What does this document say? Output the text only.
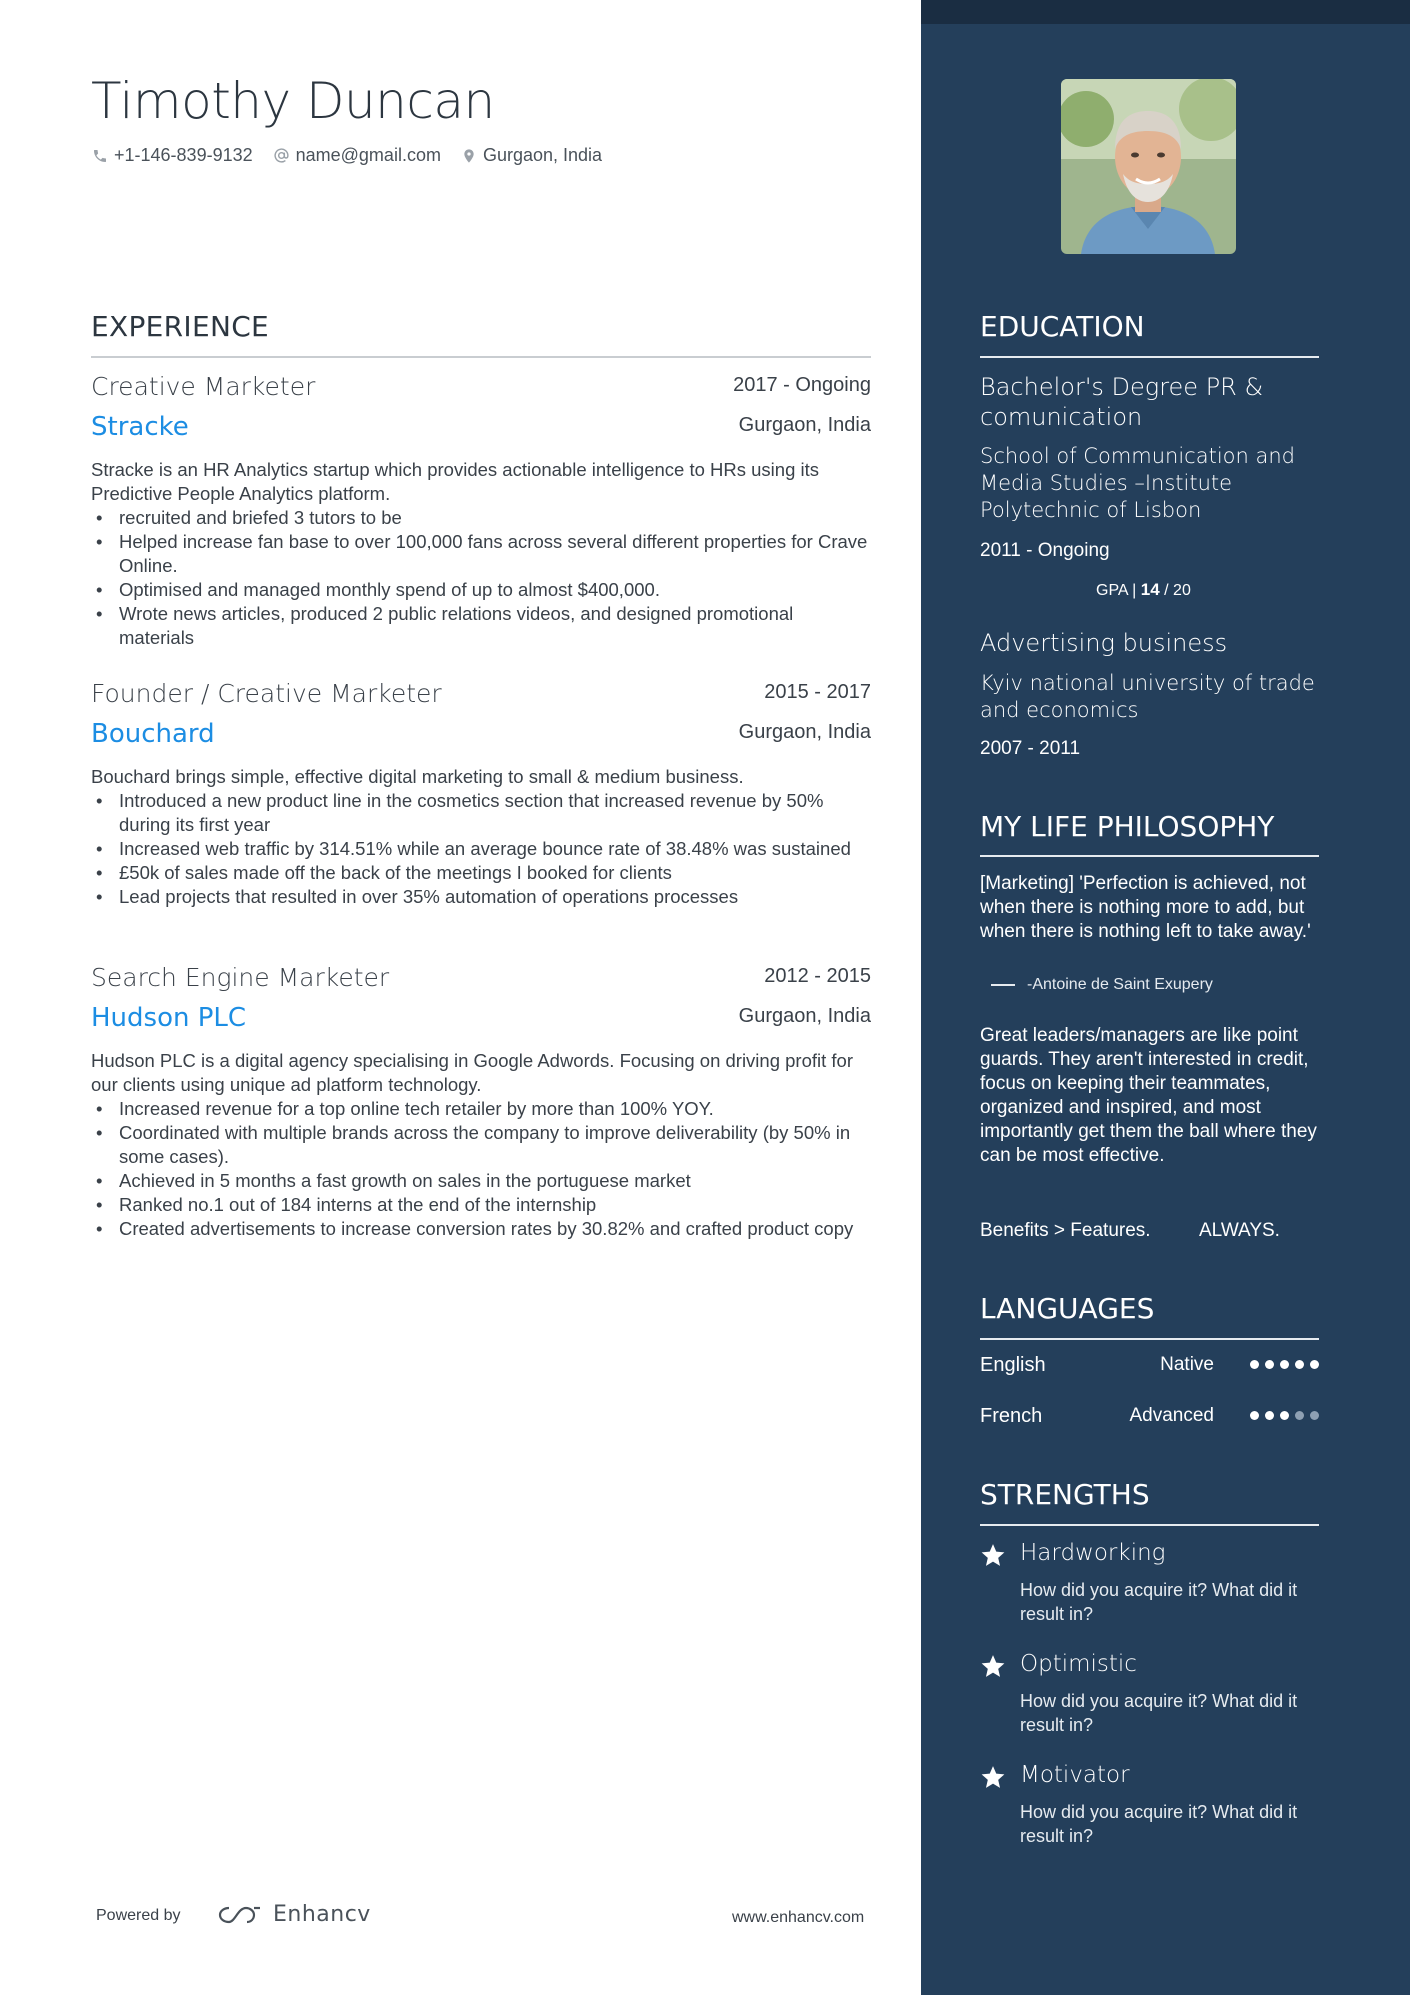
Timothy Duncan
+1-146-839-9132 name@gmail.com Gurgaon, India
EXPERIENCE
Creative Marketer	2017 - Ongoing
Stracke	Gurgaon, India
Stracke is an HR Analytics startup which provides actionable intelligence to HRs using its Predictive People Analytics platform.
• recruited and briefed 3 tutors to be
• Helped increase fan base to over 100,000 fans across several different properties for Crave Online.
• Optimised and managed monthly spend of up to almost $400,000.
• Wrote news articles, produced 2 public relations videos, and designed promotional materials
Founder / Creative Marketer	2015 - 2017
Bouchard	Gurgaon, India
Bouchard brings simple, effective digital marketing to small & medium business.
• Introduced a new product line in the cosmetics section that increased revenue by 50% during its first year
• Increased web traffic by 314.51% while an average bounce rate of 38.48% was sustained
• £50k of sales made off the back of the meetings I booked for clients
• Lead projects that resulted in over 35% automation of operations processes
Search Engine Marketer	2012 - 2015
Hudson PLC	Gurgaon, India
Hudson PLC is a digital agency specialising in Google Adwords. Focusing on driving profit for our clients using unique ad platform technology.
• Increased revenue for a top online tech retailer by more than 100% YOY.
• Coordinated with multiple brands across the company to improve deliverability (by 50% in some cases).
• Achieved in 5 months a fast growth on sales in the portuguese market
• Ranked no.1 out of 184 interns at the end of the internship
• Created advertisements to increase conversion rates by 30.82% and crafted product copy
Powered by	Enhancv	www.enhancv.com
EDUCATION
Bachelor's Degree PR & comunication
School of Communication and Media Studies –Institute Polytechnic of Lisbon
2011 - Ongoing
GPA | 14 / 20
Advertising business
Kyiv national university of trade and economics
2007 - 2011
MY LIFE PHILOSOPHY
[Marketing] 'Perfection is achieved, not when there is nothing more to add, but when there is nothing left to take away.'
-Antoine de Saint Exupery
Great leaders/managers are like point guards. They aren't interested in credit, focus on keeping their teammates, organized and inspired, and most importantly get them the ball where they can be most effective.
Benefits > Features.	ALWAYS.
LANGUAGES
English	Native
French	Advanced
STRENGTHS
Hardworking
How did you acquire it? What did it result in?
Optimistic
How did you acquire it? What did it result in?
Motivator
How did you acquire it? What did it result in?
